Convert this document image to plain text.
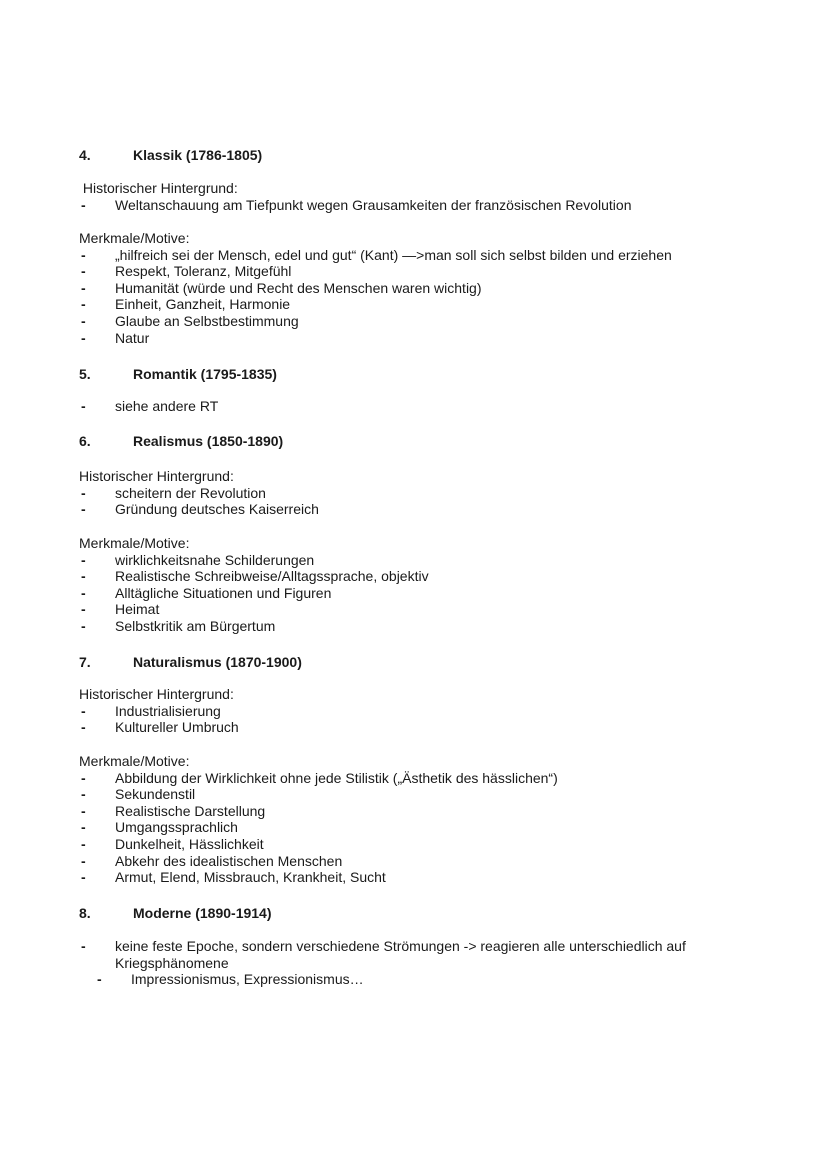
4.	Klassik (1786-1805)
Historischer Hintergrund:
- Weltanschauung am Tiefpunkt wegen Grausamkeiten der französischen Revolution
Merkmale/Motive:
- „hilfreich sei der Mensch, edel und gut“ (Kant) —>man soll sich selbst bilden und erziehen
- Respekt, Toleranz, Mitgefühl
- Humanität (würde und Recht des Menschen waren wichtig)
- Einheit, Ganzheit, Harmonie
- Glaube an Selbstbestimmung
- Natur
5.	Romantik (1795-1835)
- siehe andere RT
6.	Realismus (1850-1890)
Historischer Hintergrund:
- scheitern der Revolution
- Gründung deutsches Kaiserreich
Merkmale/Motive:
- wirklichkeitsnahe Schilderungen
- Realistische Schreibweise/Alltagssprache, objektiv
- Alltägliche Situationen und Figuren
- Heimat
- Selbstkritik am Bürgertum
7.	Naturalismus (1870-1900)
Historischer Hintergrund:
- Industrialisierung
- Kultureller Umbruch
Merkmale/Motive:
- Abbildung der Wirklichkeit ohne jede Stilistik („Ästhetik des hässlichen“)
- Sekundenstil
- Realistische Darstellung
- Umgangssprachlich
- Dunkelheit, Hässlichkeit
- Abkehr des idealistischen Menschen
- Armut, Elend, Missbrauch, Krankheit, Sucht
8.	Moderne (1890-1914)
- keine feste Epoche, sondern verschiedene Strömungen -> reagieren alle unterschiedlich auf Kriegsphänomene
- Impressionismus, Expressionismus…
